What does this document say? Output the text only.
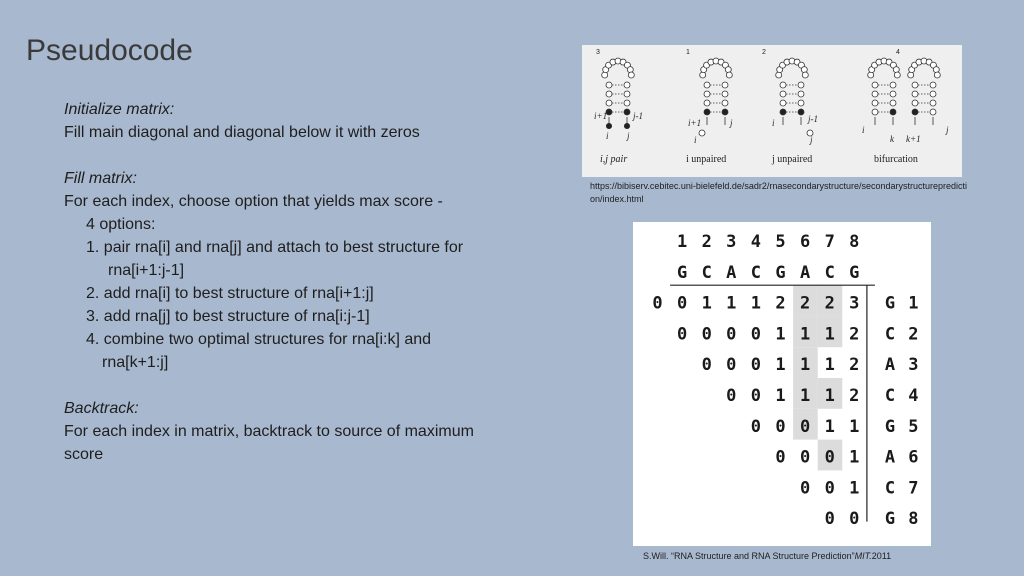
Pseudocode
Initialize matrix:
Fill main diagonal and diagonal below it with zeros
Fill matrix:
For each index, choose option that yields max score -
4 options:
1. pair rna[i] and rna[j] and attach to best structure for
rna[i+1:j-1]
2. add rna[i] to best structure of rna[i+1:j]
3. add rna[j] to best structure of rna[i:j-1]
4. combine two optimal structures for rna[i:k] and
rna[k+1:j]
Backtrack:
For each index in matrix, backtrack to source of maximum
score
3	1	2	4
i+1	j-1
i j
i+1	j
i
i	j-1
j
i
k k+1
j
i,j pair	i unpaired	j unpaired	bifurcation
https://bibiserv.cebitec.uni-bielefeld.de/sadr2/rnasecondarystructure/secondarystructureprediction/index.html
1 2 3 4 5 6 7 8
G C A C G A C G
0 0 1 1 1 2 2 2 3 G 1
0 0 0 0 1 1 1 2 C 2
0 0 0 1 1 1 2 A 3
0 0 1 1 1 2 C 4
0 0 0 1 1 G 5
0 0 0 1 A 6
0 0 1 C 7
0 0 G 8
S.Will. “RNA Structure and RNA Structure Prediction”MIT.2011
